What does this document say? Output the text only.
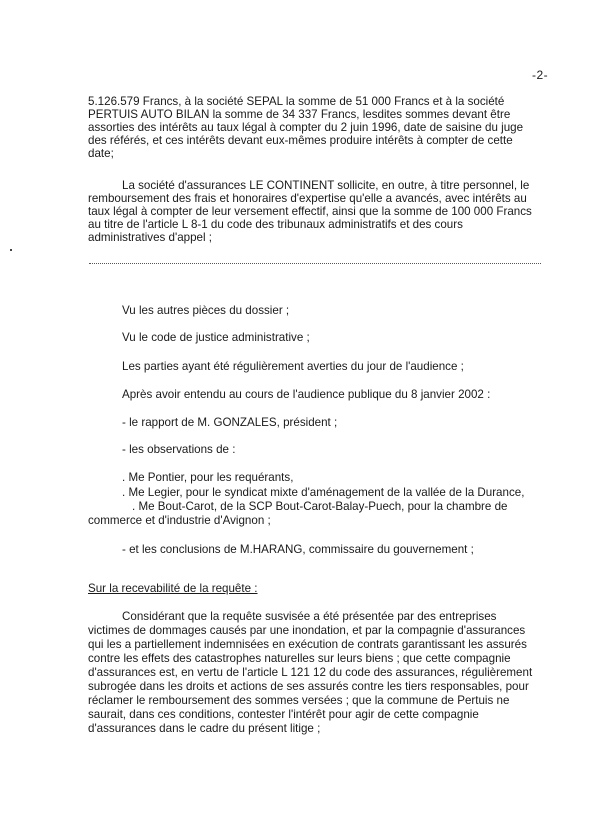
-2-
5.126.579 Francs, à la société SEPAL la somme de 51 000 Francs et à la société
PERTUIS AUTO BILAN la somme de 34 337 Francs, lesdites sommes devant être
assorties des intérêts au taux légal à compter du 2 juin 1996, date de saisine du juge
des référés, et ces intérêts devant eux-mêmes produire intérêts à compter de cette
date;
La société d'assurances LE CONTINENT sollicite, en outre, à titre personnel, le
remboursement des frais et honoraires d'expertise qu'elle a avancés, avec intérêts au
taux légal à compter de leur versement effectif, ainsi que la somme de 100 000 Francs
au titre de l'article L 8-1 du code des tribunaux administratifs et des cours
administratives d'appel ;
Vu les autres pièces du dossier ;
Vu le code de justice administrative ;
Les parties ayant été régulièrement averties du jour de l'audience ;
Après avoir entendu au cours de l'audience publique du 8 janvier 2002 :
- le rapport de M. GONZALES, président ;
- les observations de :
. Me Pontier, pour les requérants,
. Me Legier, pour le syndicat mixte d'aménagement de la vallée de la Durance,
. Me Bout-Carot, de la SCP Bout-Carot-Balay-Puech, pour la chambre de
commerce et d'industrie d'Avignon ;
- et les conclusions de M.HARANG, commissaire du gouvernement ;
Sur la recevabilité de la requête :
Considérant que la requête susvisée a été présentée par des entreprises
victimes de dommages causés par une inondation, et par la compagnie d'assurances
qui les a partiellement indemnisées en exécution de contrats garantissant les assurés
contre les effets des catastrophes naturelles sur leurs biens ; que cette compagnie
d'assurances est, en vertu de l'article L 121 12 du code des assurances, régulièrement
subrogée dans les droits et actions de ses assurés contre les tiers responsables, pour
réclamer le remboursement des sommes versées ; que la commune de Pertuis ne
saurait, dans ces conditions, contester l'intérêt pour agir de cette compagnie
d'assurances dans le cadre du présent litige ;
